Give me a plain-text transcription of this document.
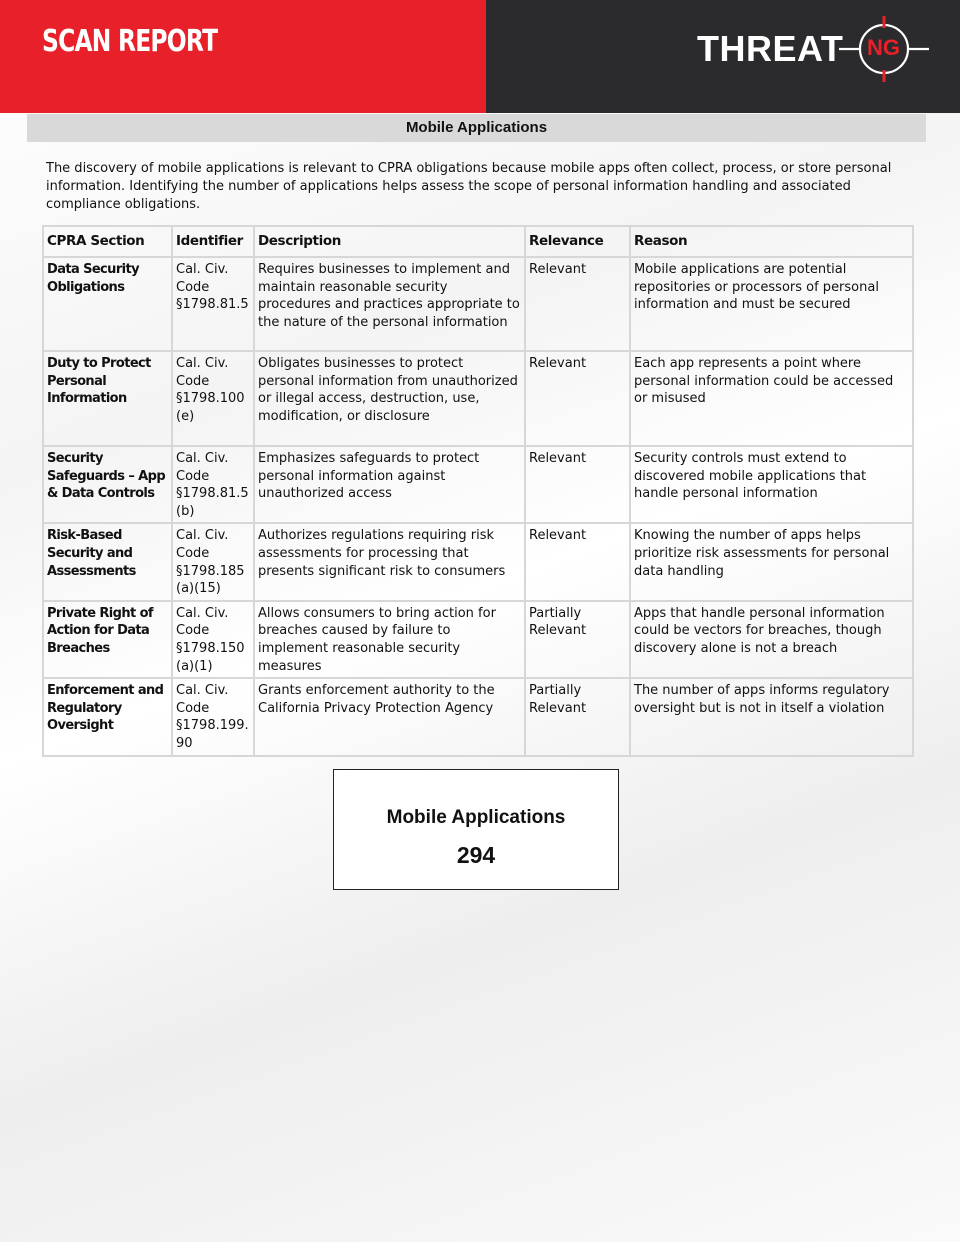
SCAN REPORT	THREAT NG
Mobile Applications

The discovery of mobile applications is relevant to CPRA obligations because mobile apps often collect, process, or store personal information. Identifying the number of applications helps assess the scope of personal information handling and associated compliance obligations.

CPRA Section	Identifier	Description	Relevance	Reason
Data Security Obligations	Cal. Civ. Code §1798.81.5	Requires businesses to implement and maintain reasonable security procedures and practices appropriate to the nature of the personal information	Relevant	Mobile applications are potential repositories or processors of personal information and must be secured
Duty to Protect Personal Information	Cal. Civ. Code §1798.100 (e)	Obligates businesses to protect personal information from unauthorized or illegal access, destruction, use, modification, or disclosure	Relevant	Each app represents a point where personal information could be accessed or misused
Security Safeguards – App & Data Controls	Cal. Civ. Code §1798.81.5 (b)	Emphasizes safeguards to protect personal information against unauthorized access	Relevant	Security controls must extend to discovered mobile applications that handle personal information
Risk-Based Security and Assessments	Cal. Civ. Code §1798.185 (a)(15)	Authorizes regulations requiring risk assessments for processing that presents significant risk to consumers	Relevant	Knowing the number of apps helps prioritize risk assessments for personal data handling
Private Right of Action for Data Breaches	Cal. Civ. Code §1798.150 (a)(1)	Allows consumers to bring action for breaches caused by failure to implement reasonable security measures	Partially Relevant	Apps that handle personal information could be vectors for breaches, though discovery alone is not a breach
Enforcement and Regulatory Oversight	Cal. Civ. Code §1798.199.90	Grants enforcement authority to the California Privacy Protection Agency	Partially Relevant	The number of apps informs regulatory oversight but is not in itself a violation
Mobile Applications
294
